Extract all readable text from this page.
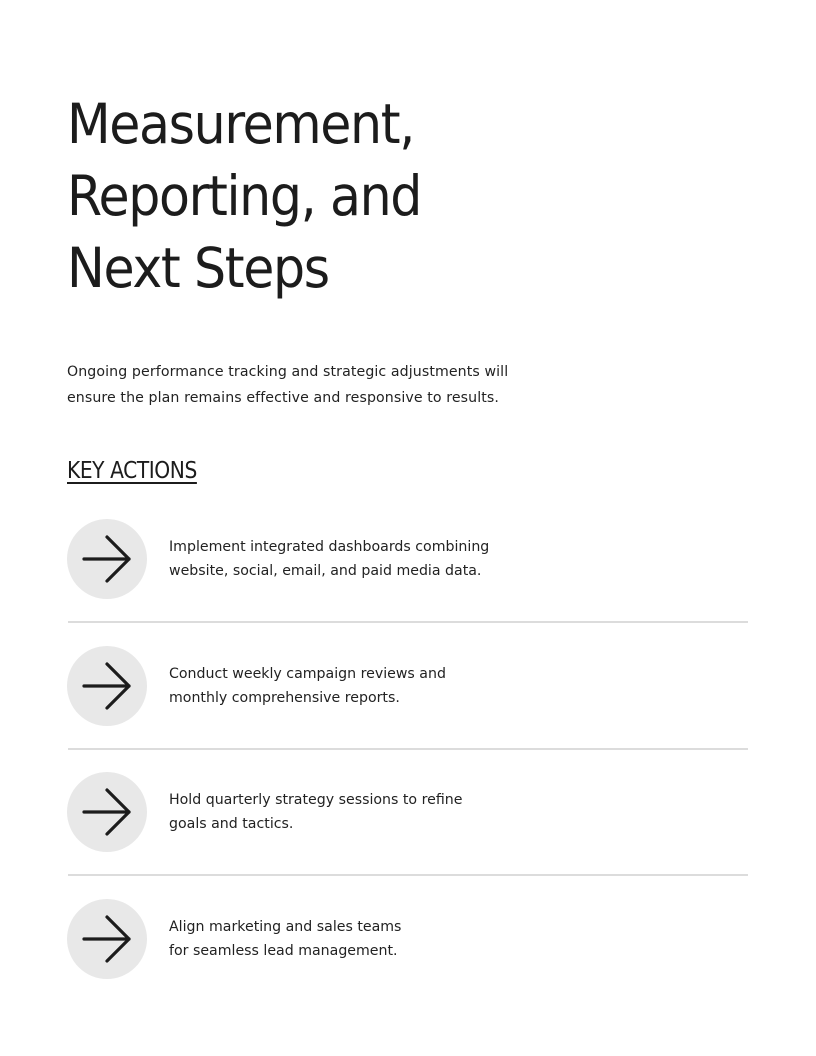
Measurement,
Reporting, and
Next Steps

Ongoing performance tracking and strategic adjustments will
ensure the plan remains effective and responsive to results.

KEY ACTIONS
Implement integrated dashboards combining
website, social, email, and paid media data.
Conduct weekly campaign reviews and
monthly comprehensive reports.
Hold quarterly strategy sessions to refine
goals and tactics.
Align marketing and sales teams
for seamless lead management.
